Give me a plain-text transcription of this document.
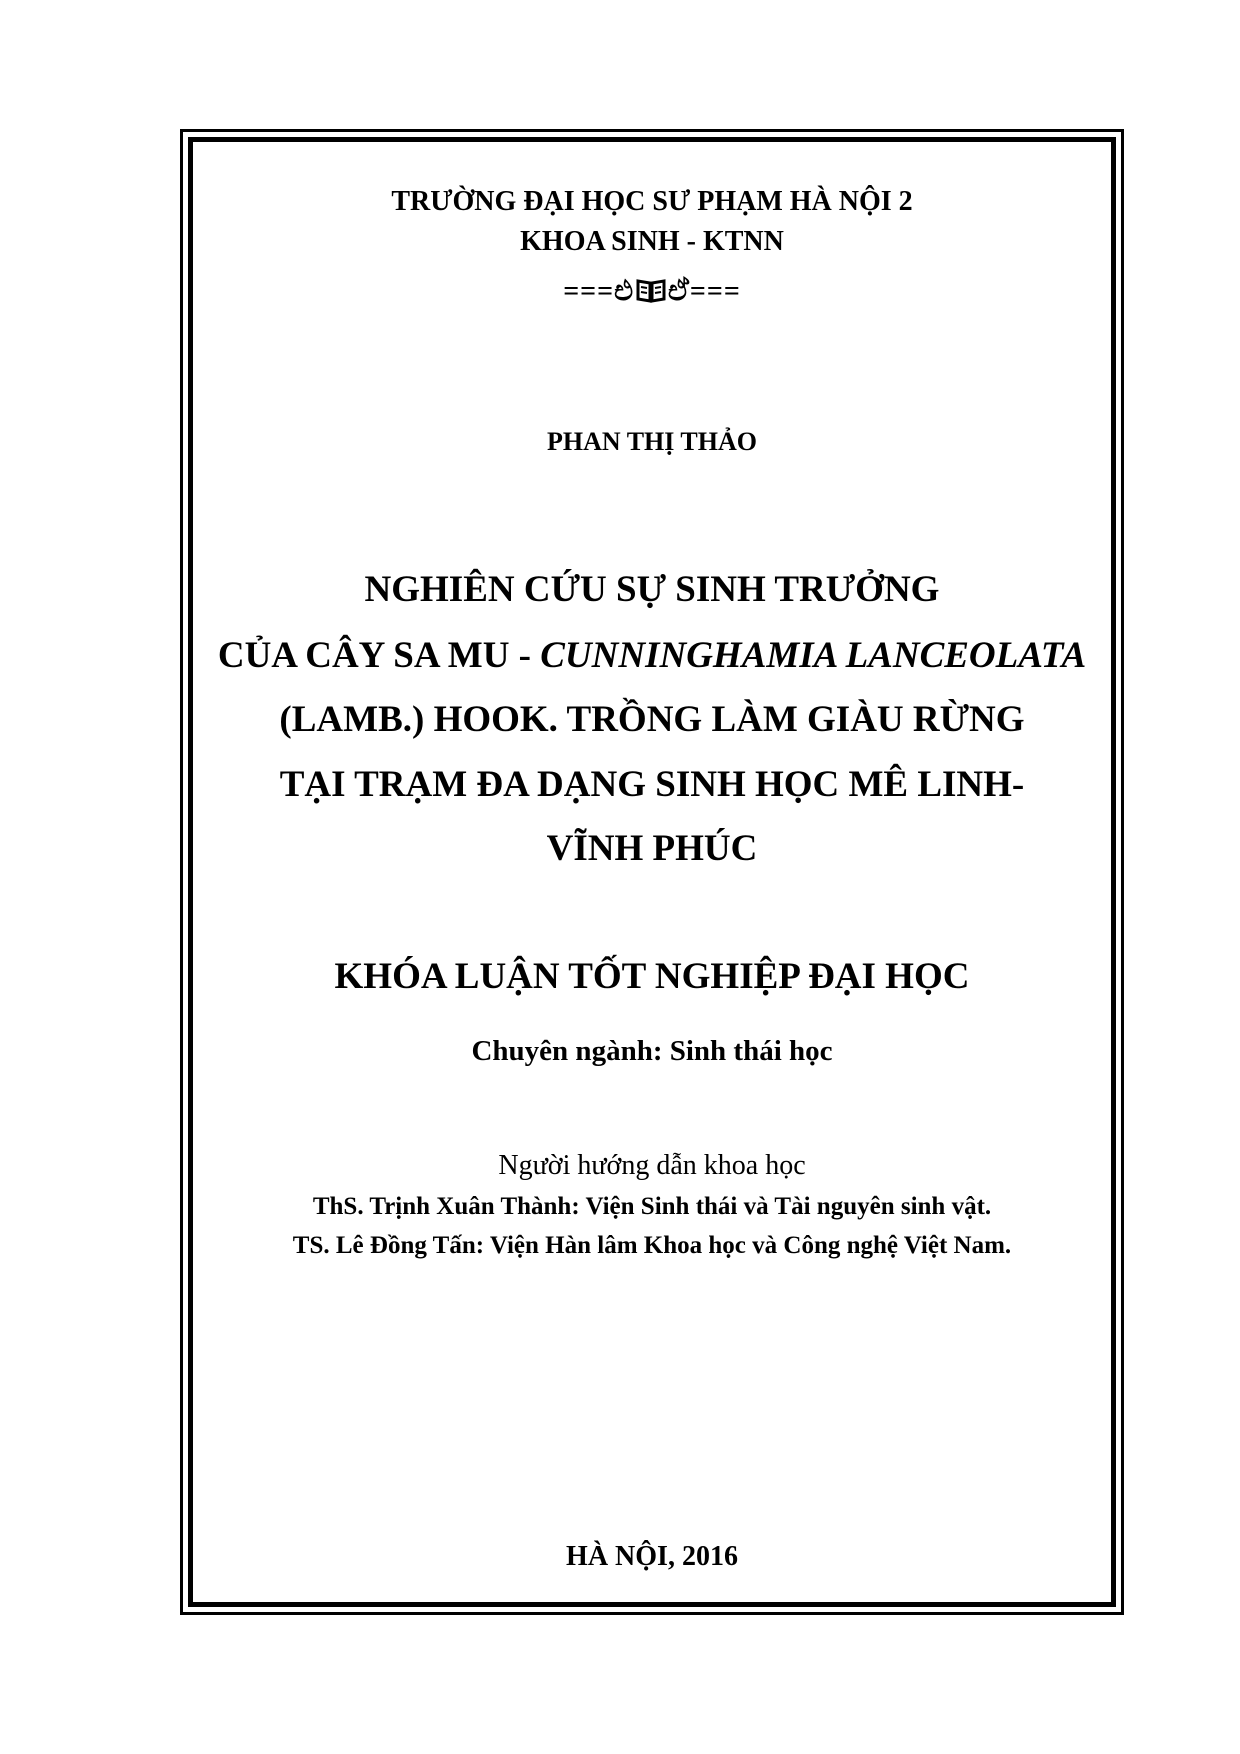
TRƯỜNG ĐẠI HỌC SƯ PHẠM HÀ NỘI 2

KHOA SINH - KTNN

===එ ඒ===

PHAN THỊ THẢO

NGHIÊN CỨU SỰ SINH TRƯỞNG

CỦA CÂY SA MU - CUNNINGHAMIA LANCEOLATA

(LAMB.) HOOK. TRỒNG LÀM GIÀU RỪNG

TẠI TRẠM ĐA DẠNG SINH HỌC MÊ LINH-

VĨNH PHÚC

KHÓA LUẬN TỐT NGHIỆP ĐẠI HỌC

Chuyên ngành: Sinh thái học

Người hướng dẫn khoa học

ThS. Trịnh Xuân Thành: Viện Sinh thái và Tài nguyên sinh vật.

TS. Lê Đồng Tấn: Viện Hàn lâm Khoa học và Công nghệ Việt Nam.

HÀ NỘI, 2016
